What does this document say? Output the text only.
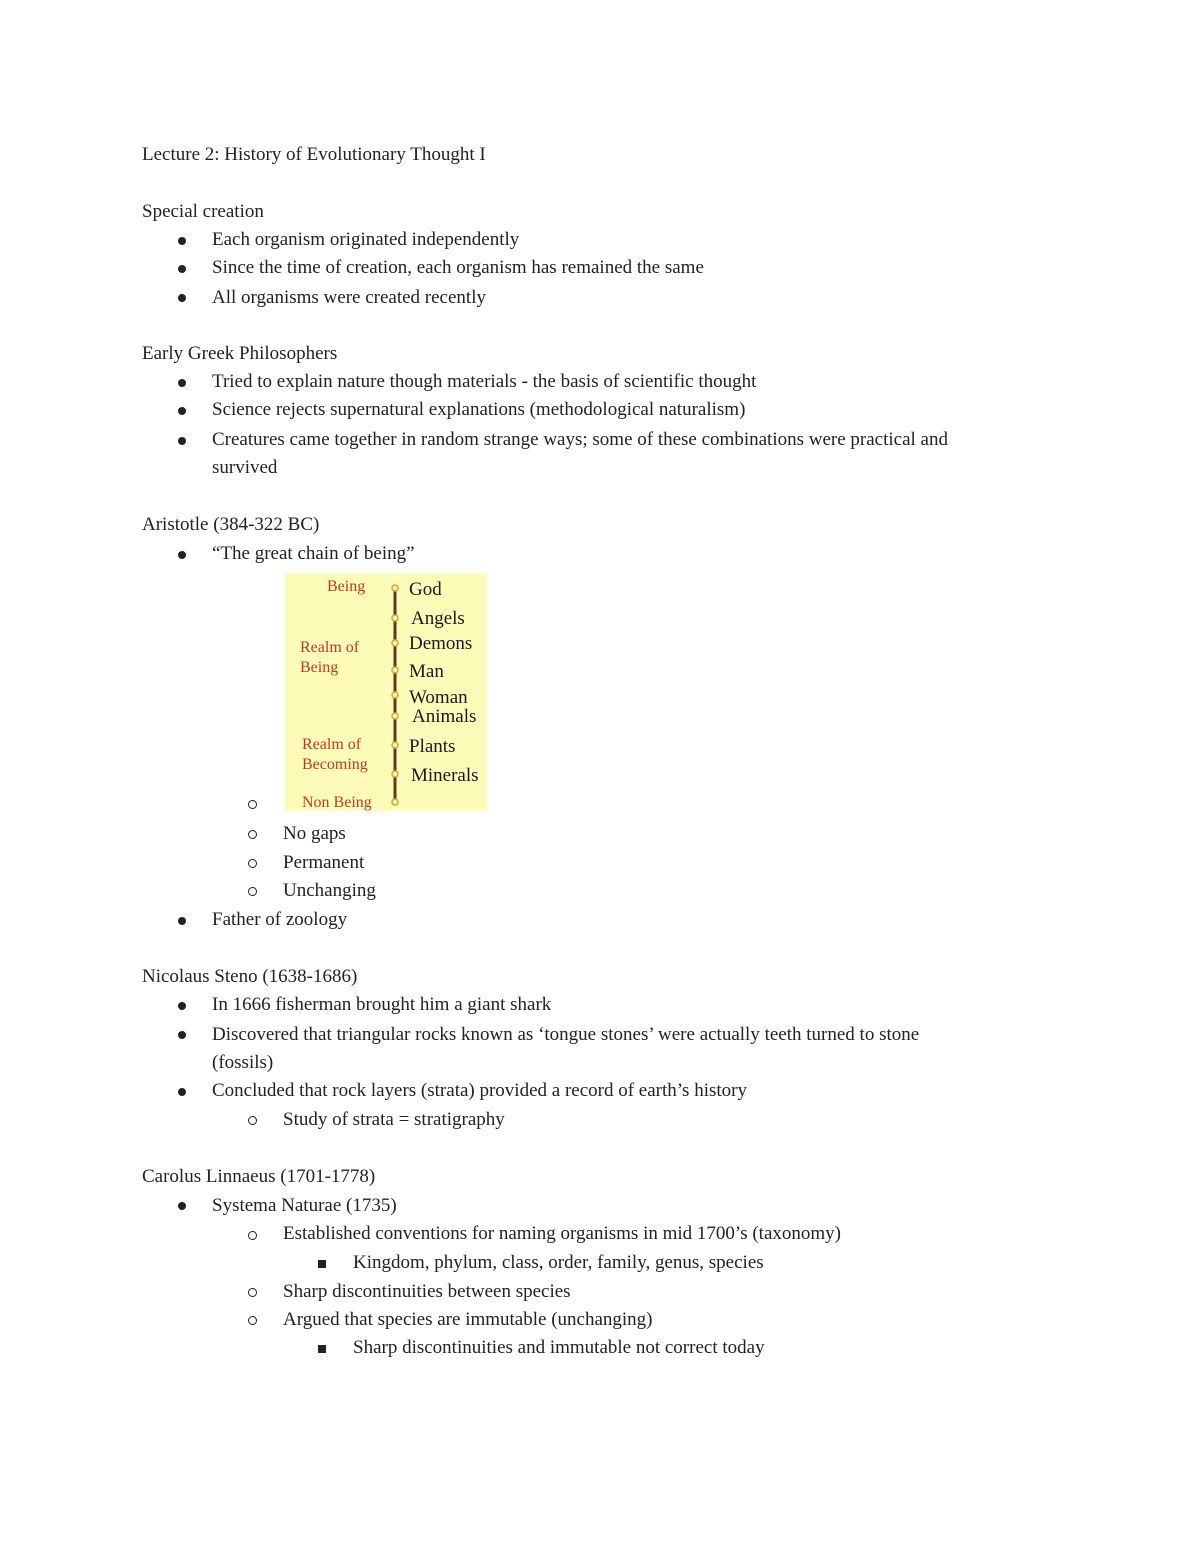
Lecture 2: History of Evolutionary Thought I
Special creation
Each organism originated independently
Since the time of creation, each organism has remained the same
All organisms were created recently
Early Greek Philosophers
Tried to explain nature though materials - the basis of scientific thought
Science rejects supernatural explanations (methodological naturalism)
Creatures came together in random strange ways; some of these combinations were practical and
survived
Aristotle (384-322 BC)
“The great chain of being”
Being
Realm of
Being
Realm of
Becoming
Non Being
God
Angels
Demons
Man
Woman
Animals
Plants
Minerals
No gaps
Permanent
Unchanging
Father of zoology
Nicolaus Steno (1638-1686)
In 1666 fisherman brought him a giant shark
Discovered that triangular rocks known as ‘tongue stones’ were actually teeth turned to stone
(fossils)
Concluded that rock layers (strata) provided a record of earth’s history
Study of strata = stratigraphy
Carolus Linnaeus (1701-1778)
Systema Naturae (1735)
Established conventions for naming organisms in mid 1700’s (taxonomy)
Kingdom, phylum, class, order, family, genus, species
Sharp discontinuities between species
Argued that species are immutable (unchanging)
Sharp discontinuities and immutable not correct today
